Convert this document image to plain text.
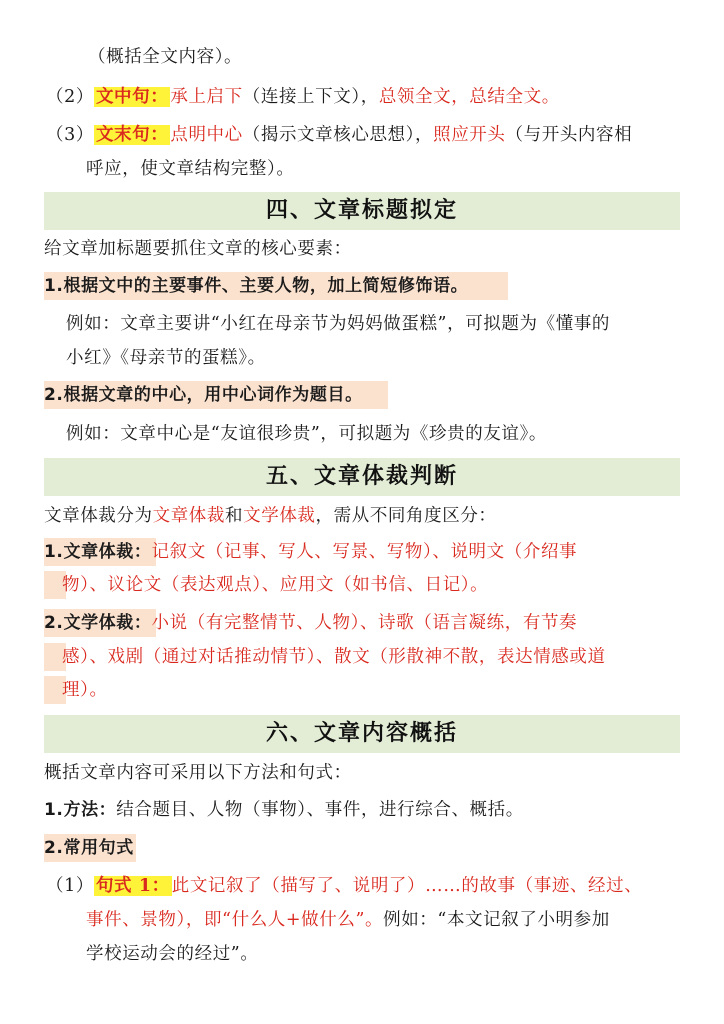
（概括全文内容）。
（2） 文中句： 承上启下（连接上下文），总领全文，总结全文。
（3） 文末句： 点明中心（揭示文章核心思想），照应开头（与开头内容相
呼应，使文章结构完整）。
四、文章标题拟定
给文章加标题要抓住文章的核心要素：
1.根据文中的主要事件、主要人物，加上简短修饰语。
例如：文章主要讲“小红在母亲节为妈妈做蛋糕”，可拟题为《懂事的
小红》《母亲节的蛋糕》。
2.根据文章的中心，用中心词作为题目。
例如：文章中心是“友谊很珍贵”，可拟题为《珍贵的友谊》。
五、文章体裁判断
文章体裁分为文章体裁和文学体裁，需从不同角度区分：
1.文章体裁：记叙文（记事、写人、写景、写物）、说明文（介绍事
物）、议论文（表达观点）、应用文（如书信、日记）。
2.文学体裁：小说（有完整情节、人物）、诗歌（语言凝练，有节奏
感）、戏剧（通过对话推动情节）、散文（形散神不散，表达情感或道
理）。
六、文章内容概括
概括文章内容可采用以下方法和句式：
1.方法：结合题目、人物（事物）、事件，进行综合、概括。
2.常用句式
（1） 句式 1： 此文记叙了（描写了、说明了）……的故事（事迹、经过、
事件、景物），即“什么人+做什么”。例如：“本文记叙了小明参加
学校运动会的经过”。
